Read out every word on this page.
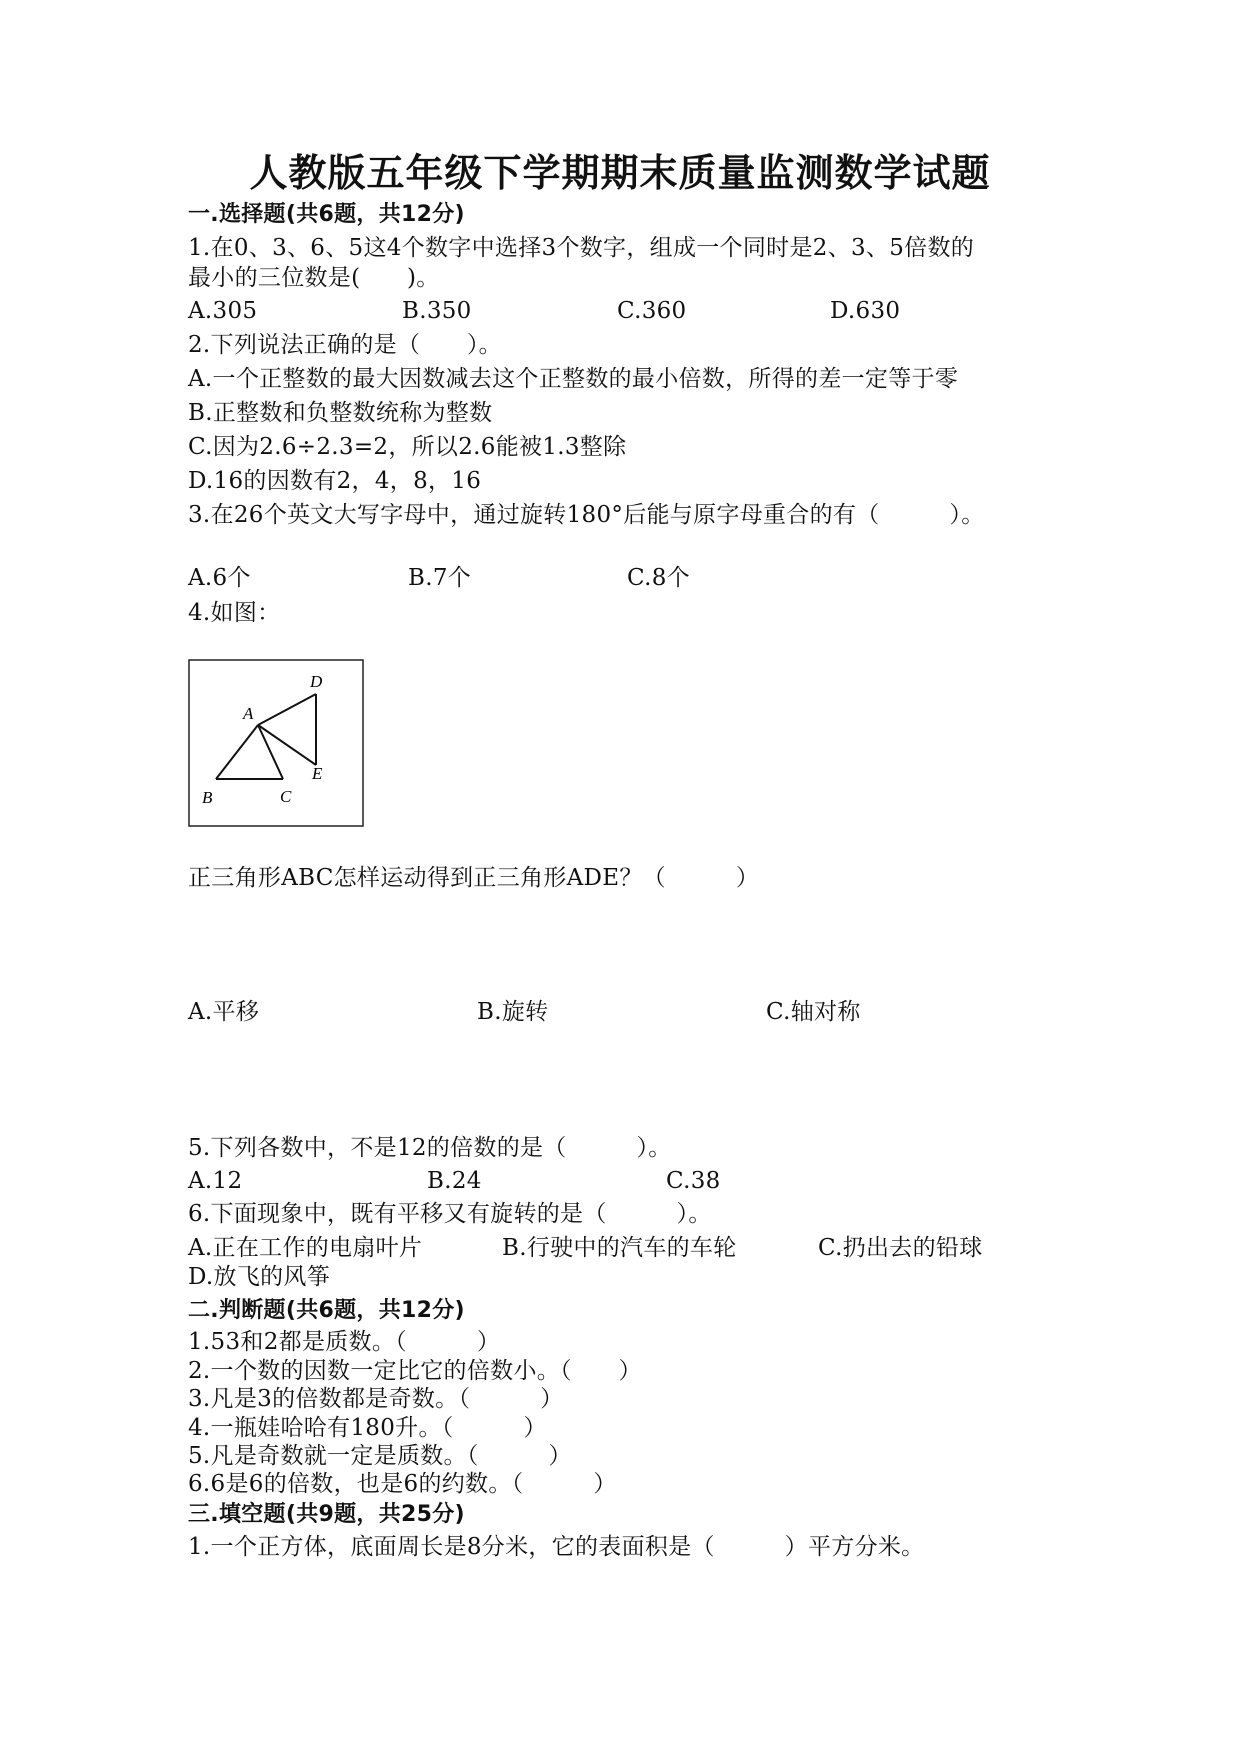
人教版五年级下学期期末质量监测数学试题
一.选择题(共6题，共12分)
1.在0、3、6、5这4个数字中选择3个数字，组成一个同时是2、3、5倍数的
最小的三位数是(　　)。
A.305	B.350	C.360	D.630
2.下列说法正确的是（　　）。
A.一个正整数的最大因数减去这个正整数的最小倍数，所得的差一定等于零
B.正整数和负整数统称为整数
C.因为2.6÷2.3=2，所以2.6能被1.3整除
D.16的因数有2，4，8，16
3.在26个英文大写字母中，通过旋转180°后能与原字母重合的有（　　　）。
A.6个	B.7个	C.8个
4.如图：
A
B	C
D
E
正三角形ABC怎样运动得到正三角形ADE？（　　　）
A.平移	B.旋转	C.轴对称
5.下列各数中，不是12的倍数的是（　　　）。
A.12	B.24	C.38
6.下面现象中，既有平移又有旋转的是（　　　）。
A.正在工作的电扇叶片	B.行驶中的汽车的车轮	C.扔出去的铅球
D.放飞的风筝
二.判断题(共6题，共12分)
1.53和2都是质数。（　　　）
2.一个数的因数一定比它的倍数小。（　　）
3.凡是3的倍数都是奇数。（　　　）
4.一瓶娃哈哈有180升。（　　　）
5.凡是奇数就一定是质数。（　　　）
6.6是6的倍数，也是6的约数。（　　　）
三.填空题(共9题，共25分)
1.一个正方体，底面周长是8分米，它的表面积是（　　　）平方分米。
